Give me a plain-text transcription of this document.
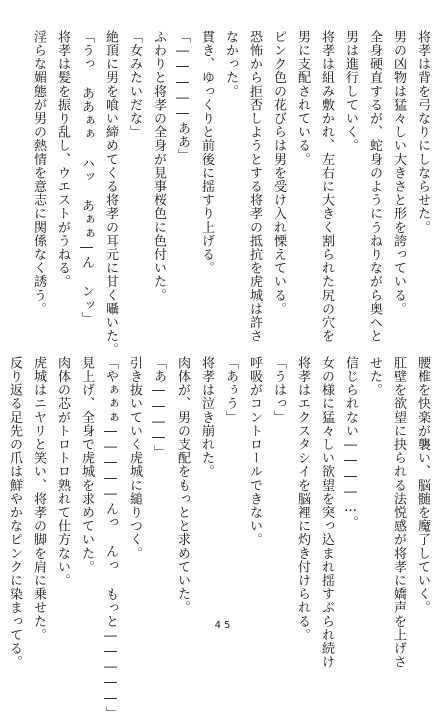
将孝は背を弓なりにしならせた。
男の凶物は猛々しい大きさと形を誇っている。
全身硬直するが、蛇身のようにうねりながら奥へと
男は進行していく。
将孝は組み敷かれ、左右に大きく割られた尻の穴を
男に支配されている。
ピンク色の花びらは男を受け入れ慄えている。
恐怖から拒否しようとする将孝の抵抗を虎城は許さ
なかった。
貫き、ゆっくりと前後に揺すり上げる。
「―――――ああ」
ふわりと将孝の全身が見事桜色に色付いた。
「女みたいだな」
絶頂に男を喰い締めてくる将孝の耳元に甘く囁いた。
「うっ ああぁぁ ハッ あぁぁ―ん ンッ」
将孝は髪を振り乱し、ウエストがうねる。
淫らな媚態が男の熱情を意志に関係なく誘う。
腰椎を快楽が襲い、脳髄を魔了していく。
肛壁を欲望に抉られる法悦感が将孝に嬌声を上げさ
せた。
信じられない――――…。
女の様に猛々しい欲望を突っ込まれ揺すぶられ続け
将孝はエクスタシイを脳裡に灼き付けられる。
「うはっ」
呼吸がコントロールできない。
「あぅう」
将孝は泣き崩れた。
肉体が、男の支配をもっとと求めていた。
「あ――――」
引き抜いていく虎城に縋りつく。
「やぁぁぁ―――――んっ んっ もっと―――――」
見上げ、全身で虎城を求めていた。
肉体の芯がトロトロ熟れて仕方ない。
虎城はニヤリと笑い、将孝の脚を肩に乗せた。
反り返る足先の爪は鮮やかなピンクに染まってる。	45
